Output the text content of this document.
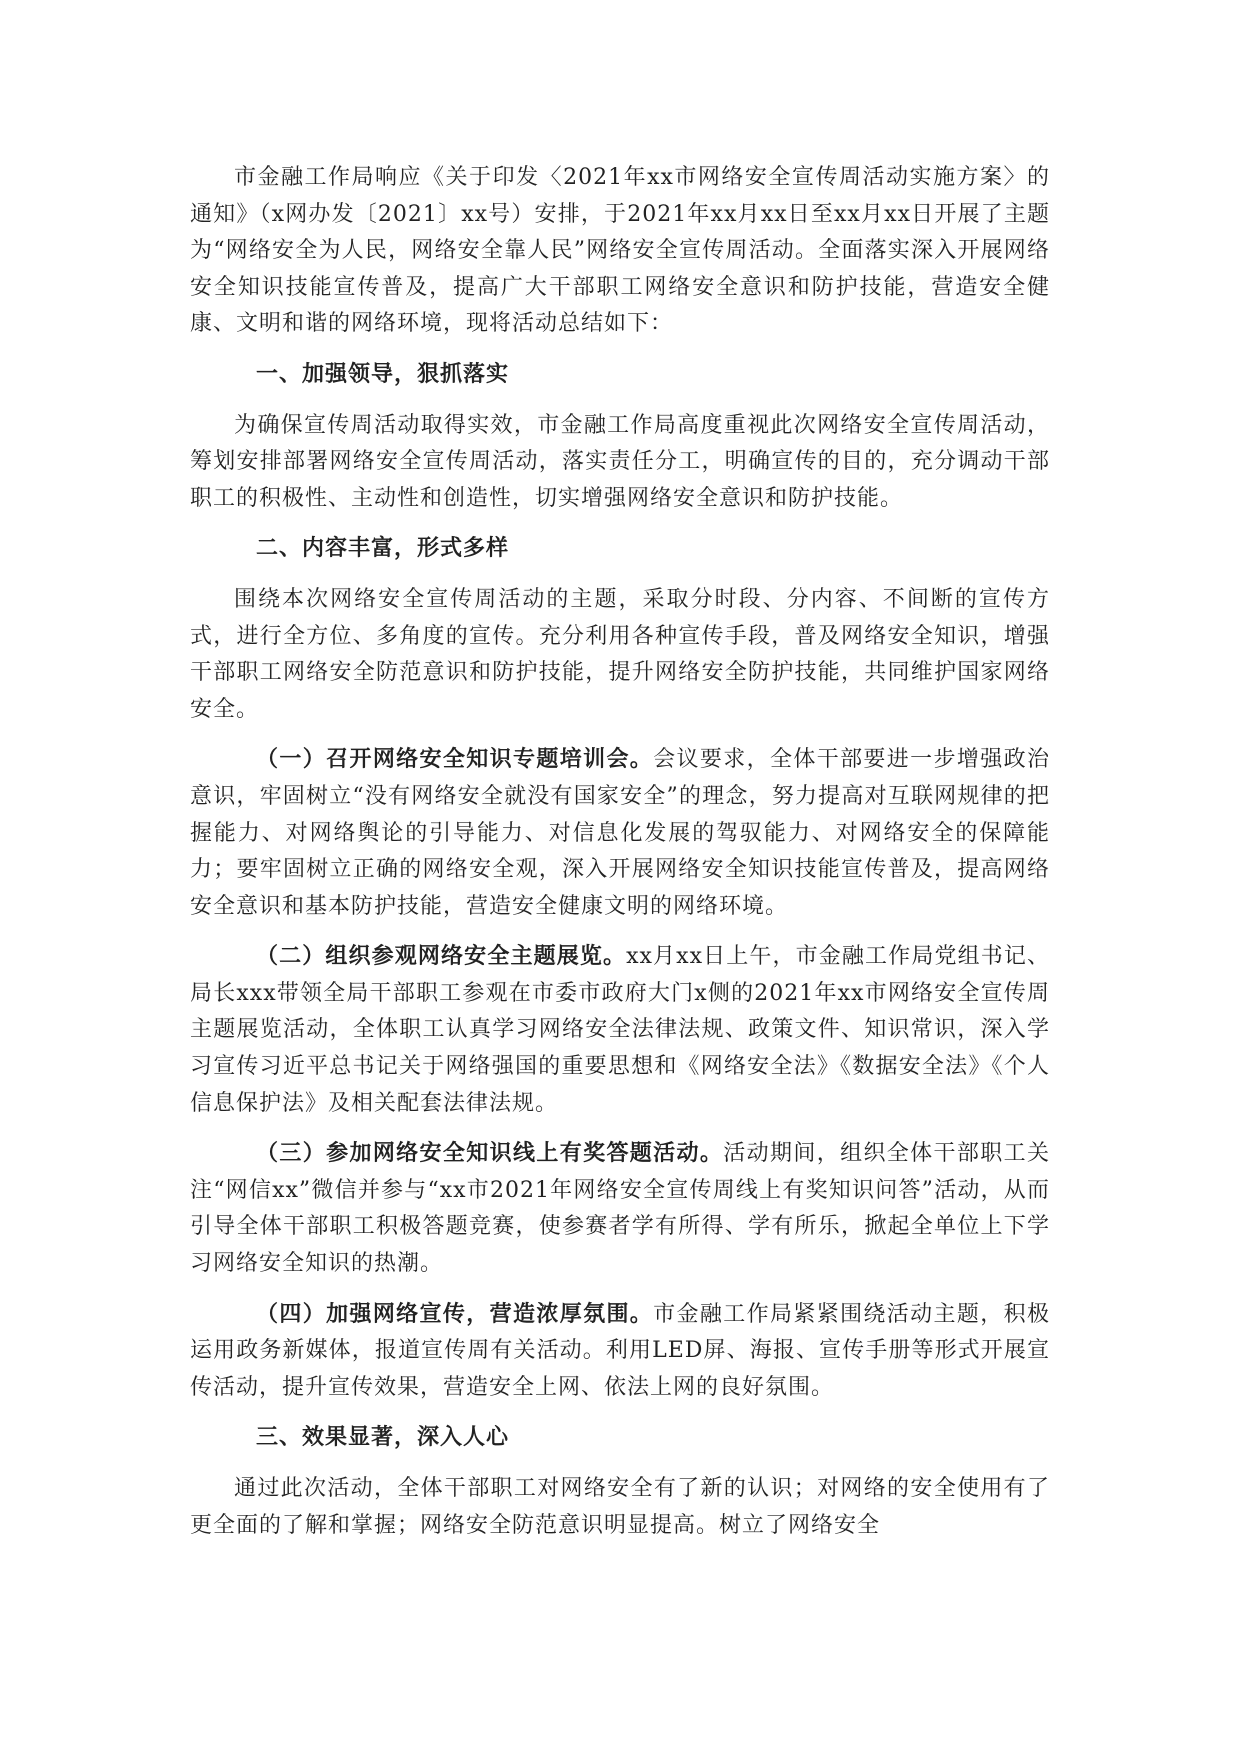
市金融工作局响应《关于印发〈2021年xx市网络安全宣传周活动实施方案〉的通知》（x网办发〔2021〕xx号）安排，于2021年xx月xx日至xx月xx日开展了主题为“网络安全为人民，网络安全靠人民”网络安全宣传周活动。全面落实深入开展网络安全知识技能宣传普及，提高广大干部职工网络安全意识和防护技能，营造安全健康、文明和谐的网络环境，现将活动总结如下：

一、加强领导，狠抓落实

为确保宣传周活动取得实效，市金融工作局高度重视此次网络安全宣传周活动，筹划安排部署网络安全宣传周活动，落实责任分工，明确宣传的目的，充分调动干部职工的积极性、主动性和创造性，切实增强网络安全意识和防护技能。

二、内容丰富，形式多样

围绕本次网络安全宣传周活动的主题，采取分时段、分内容、不间断的宣传方式，进行全方位、多角度的宣传。充分利用各种宣传手段，普及网络安全知识，增强干部职工网络安全防范意识和防护技能，提升网络安全防护技能，共同维护国家网络安全。

（一）召开网络安全知识专题培训会。会议要求，全体干部要进一步增强政治意识，牢固树立“没有网络安全就没有国家安全”的理念，努力提高对互联网规律的把握能力、对网络舆论的引导能力、对信息化发展的驾驭能力、对网络安全的保障能力；要牢固树立正确的网络安全观，深入开展网络安全知识技能宣传普及，提高网络安全意识和基本防护技能，营造安全健康文明的网络环境。

（二）组织参观网络安全主题展览。xx月xx日上午，市金融工作局党组书记、局长xxx带领全局干部职工参观在市委市政府大门x侧的2021年xx市网络安全宣传周主题展览活动，全体职工认真学习网络安全法律法规、政策文件、知识常识，深入学习宣传习近平总书记关于网络强国的重要思想和《网络安全法》《数据安全法》《个人信息保护法》及相关配套法律法规。

（三）参加网络安全知识线上有奖答题活动。活动期间，组织全体干部职工关注“网信xx”微信并参与“xx市2021年网络安全宣传周线上有奖知识问答”活动，从而引导全体干部职工积极答题竞赛，使参赛者学有所得、学有所乐，掀起全单位上下学习网络安全知识的热潮。

（四）加强网络宣传，营造浓厚氛围。市金融工作局紧紧围绕活动主题，积极运用政务新媒体，报道宣传周有关活动。利用LED屏、海报、宣传手册等形式开展宣传活动，提升宣传效果，营造安全上网、依法上网的良好氛围。

三、效果显著，深入人心

通过此次活动，全体干部职工对网络安全有了新的认识；对网络的安全使用有了更全面的了解和掌握；网络安全防范意识明显提高。树立了网络安全
